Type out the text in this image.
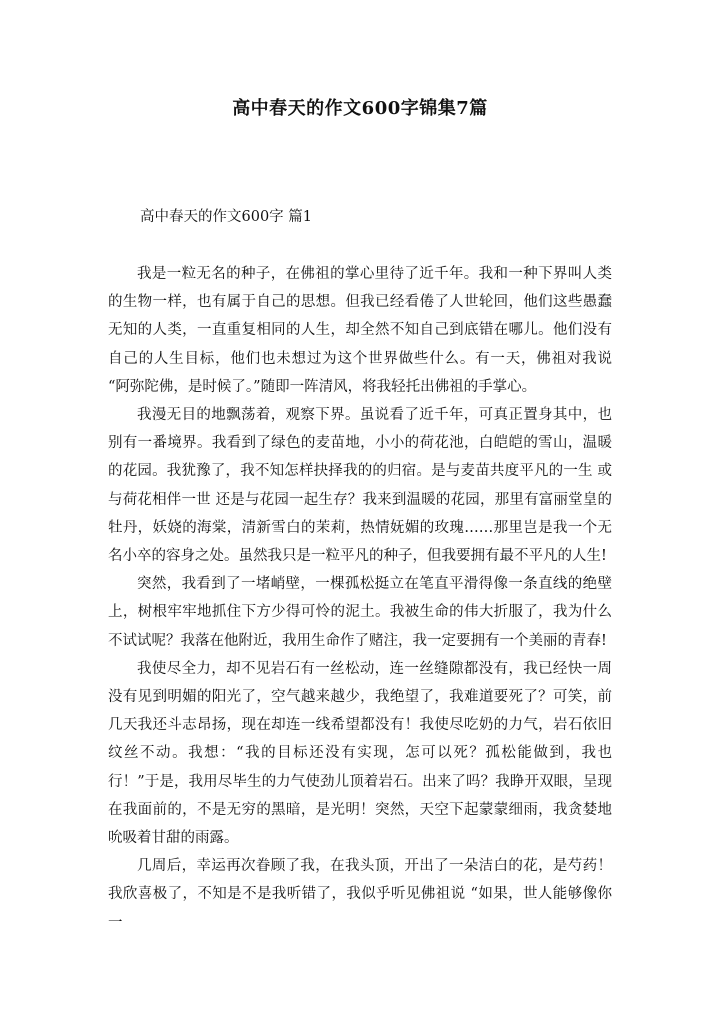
高中春天的作文600字锦集7篇
高中春天的作文600字 篇1

我是一粒无名的种子，在佛祖的掌心里待了近千年。我和一种下界叫人类的生物一样，也有属于自己的思想。但我已经看倦了人世轮回，他们这些愚蠢无知的人类，一直重复相同的人生，却全然不知自己到底错在哪儿。他们没有自己的人生目标，他们也未想过为这个世界做些什么。有一天，佛祖对我说 “阿弥陀佛，是时候了。”随即一阵清风，将我轻托出佛祖的手掌心。

我漫无目的地飘荡着，观察下界。虽说看了近千年，可真正置身其中，也别有一番境界。我看到了绿色的麦苗地，小小的荷花池，白皑皑的雪山，温暖的花园。我犹豫了，我不知怎样抉择我的的归宿。是与麦苗共度平凡的一生 或与荷花相伴一世 还是与花园一起生存？我来到温暖的花园，那里有富丽堂皇的牡丹，妖娆的海棠，清新雪白的茉莉，热情妩媚的玫瑰……那里岂是我一个无名小卒的容身之处。虽然我只是一粒平凡的种子，但我要拥有最不平凡的人生!

突然，我看到了一堵峭壁，一棵孤松挺立在笔直平滑得像一条直线的绝壁上，树根牢牢地抓住下方少得可怜的泥土。我被生命的伟大折服了，我为什么不试试呢？我落在他附近，我用生命作了赌注，我一定要拥有一个美丽的青春!

我使尽全力，却不见岩石有一丝松动，连一丝缝隙都没有，我已经快一周没有见到明媚的阳光了，空气越来越少，我绝望了，我难道要死了？可笑，前几天我还斗志昂扬，现在却连一线希望都没有！我使尽吃奶的力气，岩石依旧纹丝不动。我想：“我的目标还没有实现，怎可以死？孤松能做到，我也行！”于是，我用尽毕生的力气使劲儿顶着岩石。出来了吗？我睁开双眼，呈现在我面前的，不是无穷的黑暗，是光明！突然，天空下起蒙蒙细雨，我贪婪地吮吸着甘甜的雨露。

几周后，幸运再次眷顾了我，在我头顶，开出了一朵洁白的花，是芍药！我欣喜极了，不知是不是我听错了，我似乎听见佛祖说 “如果，世人能够像你一
